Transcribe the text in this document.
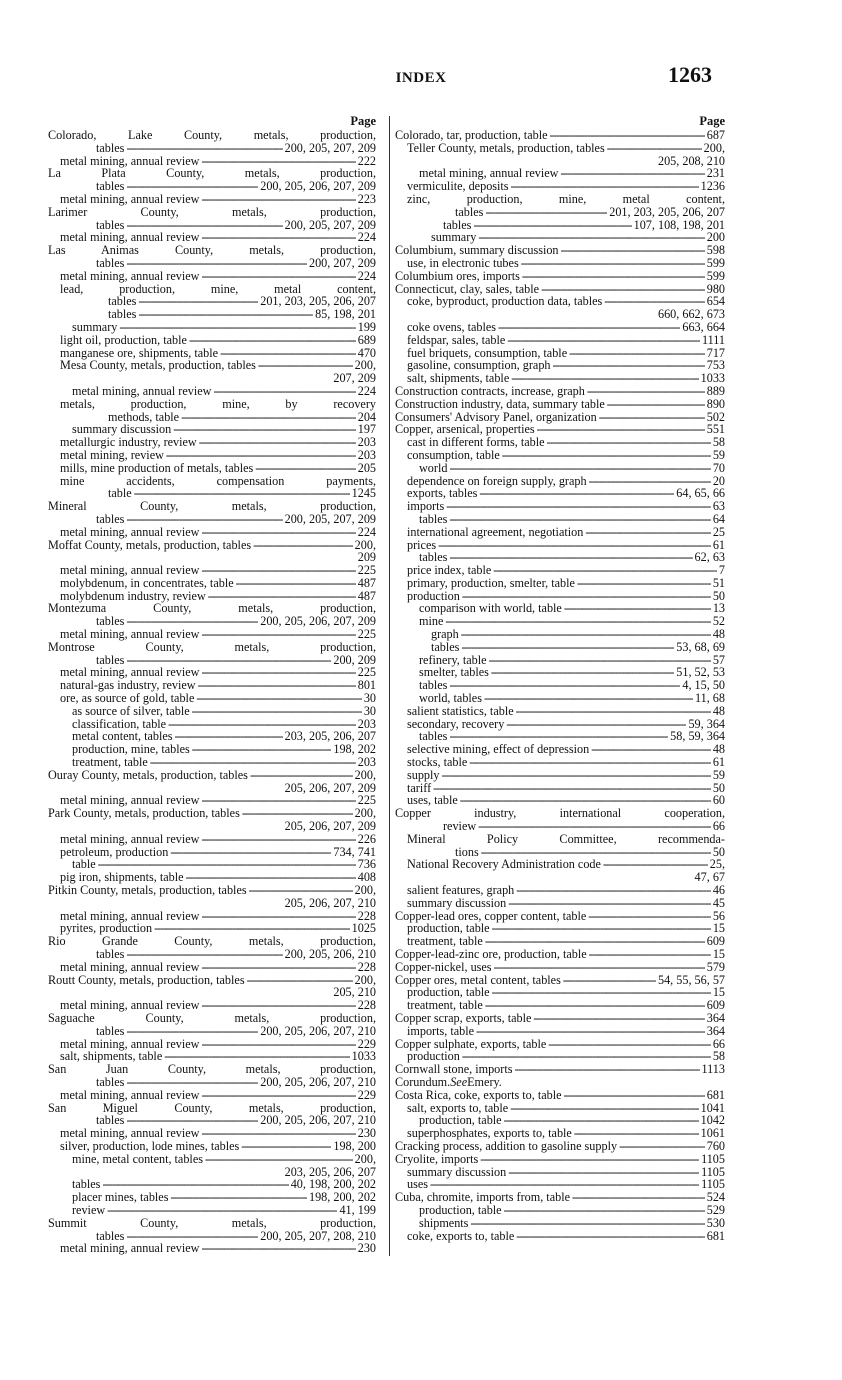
INDEX	1263
Page
Colorado, Lake County, metals, production,
tables - - -	200, 205, 207, 209
metal mining, annual review - - -	222
La Plata County, metals, production,
tables - - -	200, 205, 206, 207, 209
metal mining, annual review - - -	223
Larimer County, metals, production,
tables - - -	200, 205, 207, 209
metal mining, annual review - - -	224
Las Animas County, metals, production,
tables - - -	200, 207, 209
metal mining, annual review - - -	224
lead, production, mine, metal content,
tables - - -	201, 203, 205, 206, 207
tables - - -	85, 198, 201
summary - - -	199
light oil, production, table - - -	689
manganese ore, shipments, table - - -	470
Mesa County, metals, production, tables - - -	200,
207, 209
metal mining, annual review - - -	224
metals, production, mine, by recovery
methods, table - - -	204
summary discussion - - -	197
metallurgic industry, review - - -	203
metal mining, review - - -	203
mills, mine production of metals, tables - - -	205
mine accidents, compensation payments,
table - - -	1245
Mineral County, metals, production,
tables - - -	200, 205, 207, 209
metal mining, annual review - - -	224
Moffat County, metals, production, tables - - -	200,
209
metal mining, annual review - - -	225
molybdenum, in concentrates, table - - -	487
molybdenum industry, review - - -	487
Montezuma County, metals, production,
tables - - -	200, 205, 206, 207, 209
metal mining, annual review - - -	225
Montrose County, metals, production,
tables - - -	200, 209
metal mining, annual review - - -	225
natural-gas industry, review - - -	801
ore, as source of gold, table - - -	30
as source of silver, table - - -	30
classification, table - - -	203
metal content, tables - - -	203, 205, 206, 207
production, mine, tables - - -	198, 202
treatment, table - - -	203
Ouray County, metals, production, tables - - -	200,
205, 206, 207, 209
metal mining, annual review - - -	225
Park County, metals, production, tables - - -	200,
205, 206, 207, 209
metal mining, annual review - - -	226
petroleum, production - - -	734, 741
table - - -	736
pig iron, shipments, table - - -	408
Pitkin County, metals, production, tables - - -	200,
205, 206, 207, 210
metal mining, annual review - - -	228
pyrites, production - - -	1025
Rio Grande County, metals, production,
tables - - -	200, 205, 206, 210
metal mining, annual review - - -	228
Routt County, metals, production, tables - - -	200,
205, 210
metal mining, annual review - - -	228
Saguache County, metals, production,
tables - - -	200, 205, 206, 207, 210
metal mining, annual review - - -	229
salt, shipments, table - - -	1033
San Juan County, metals, production,
tables - - -	200, 205, 206, 207, 210
metal mining, annual review - - -	229
San Miguel County, metals, production,
tables - - -	200, 205, 206, 207, 210
metal mining, annual review - - -	230
silver, production, lode mines, tables - - -	198, 200
mine, metal content, tables - - -	200,
203, 205, 206, 207
tables - - -	40, 198, 200, 202
placer mines, tables - - -	198, 200, 202
review - - -	41, 199
Summit County, metals, production,
tables - - -	200, 205, 207, 208, 210
metal mining, annual review - - -	230
Page
Colorado, tar, production, table - - -	687
Teller County, metals, production, tables - - -	200,
205, 208, 210
metal mining, annual review - - -	231
vermiculite, deposits - - -	1236
zinc, production, mine, metal content,
tables - - -	201, 203, 205, 206, 207
tables - - -	107, 108, 198, 201
summary - - -	200
Columbium, summary discussion - - -	598
use, in electronic tubes - - -	599
Columbium ores, imports - - -	599
Connecticut, clay, sales, table - - -	980
coke, byproduct, production data, tables - - -	654
660, 662, 673
coke ovens, tables - - -	663, 664
feldspar, sales, table - - -	1111
fuel briquets, consumption, table - - -	717
gasoline, consumption, graph - - -	753
salt, shipments, table - - -	1033
Construction contracts, increase, graph - - -	889
Construction industry, data, summary table - - -	890
Consumers' Advisory Panel, organization - - -	502
Copper, arsenical, properties - - -	551
cast in different forms, table - - -	58
consumption, table - - -	59
world - - -	70
dependence on foreign supply, graph - - -	20
exports, tables - - -	64, 65, 66
imports - - -	63
tables - - -	64
international agreement, negotiation - - -	25
prices - - -	61
tables - - -	62, 63
price index, table - - -	7
primary, production, smelter, table - - -	51
production - - -	50
comparison with world, table - - -	13
mine - - -	52
graph - - -	48
tables - - -	53, 68, 69
refinery, table - - -	57
smelter, tables - - -	51, 52, 53
tables - - -	4, 15, 50
world, tables - - -	11, 68
salient statistics, table - - -	48
secondary, recovery - - -	59, 364
tables - - -	58, 59, 364
selective mining, effect of depression - - -	48
stocks, table - - -	61
supply - - -	59
tariff - - -	50
uses, table - - -	60
Copper industry, international cooperation,
review - - -	66
Mineral Policy Committee, recommenda-
tions - - -	50
National Recovery Administration code - - -	25,
47, 67
salient features, graph - - -	46
summary discussion - - -	45
Copper-lead ores, copper content, table - - -	56
production, table - - -	15
treatment, table - - -	609
Copper-lead-zinc ore, production, table - - -	15
Copper-nickel, uses - - -	579
Copper ores, metal content, tables - - -	54, 55, 56, 57
production, table - - -	15
treatment, table - - -	609
Copper scrap, exports, table - - -	364
imports, table - - -	364
Copper sulphate, exports, table - - -	66
production - - -	58
Cornwall stone, imports - - -	1113
Corundum. See Emery.
Costa Rica, coke, exports to, table - - -	681
salt, exports to, table - - -	1041
production, table - - -	1042
superphosphates, exports to, table - - -	1061
Cracking process, addition to gasoline supply - - -	760
Cryolite, imports - - -	1105
summary discussion - - -	1105
uses - - -	1105
Cuba, chromite, imports from, table - - -	524
production, table - - -	529
shipments - - -	530
coke, exports to, table - - -	681
